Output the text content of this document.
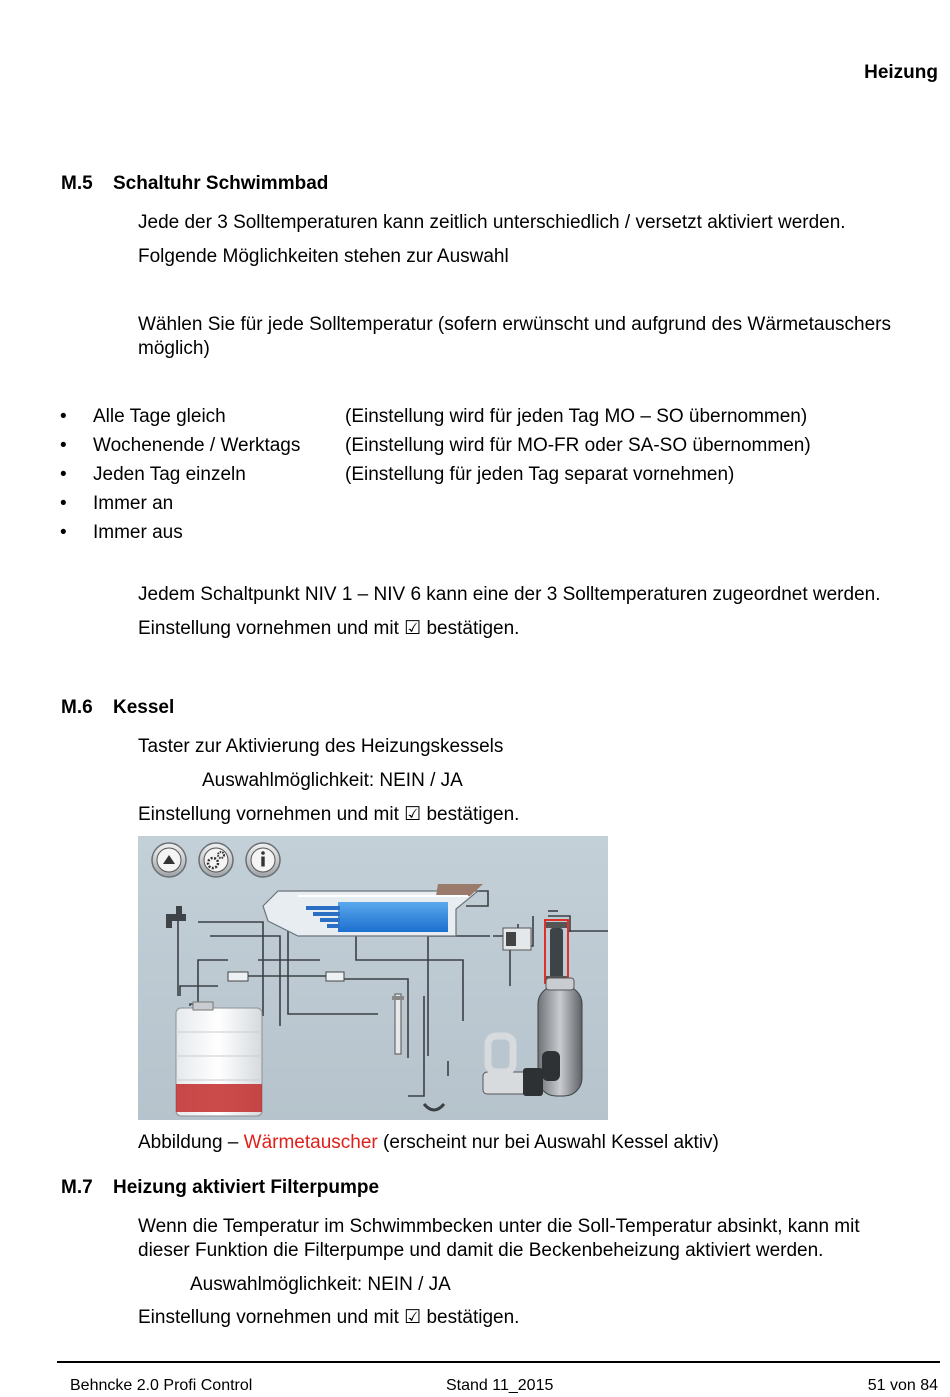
Heizung
M.5 Schaltuhr Schwimmbad
Jede der 3 Solltemperaturen kann zeitlich unterschiedlich / versetzt aktiviert werden.
Folgende Möglichkeiten stehen zur Auswahl
Wählen Sie für jede Solltemperatur (sofern erwünscht und aufgrund des Wärmetauschers
möglich)
• Alle Tage gleich	(Einstellung wird für jeden Tag MO – SO übernommen)
• Wochenende / Werktags (Einstellung wird für MO-FR oder SA-SO übernommen)
• Jeden Tag einzeln	(Einstellung für jeden Tag separat vornehmen)
• Immer an
• Immer aus
Jedem Schaltpunkt NIV 1 – NIV 6 kann eine der 3 Solltemperaturen zugeordnet werden.
Einstellung vornehmen und mit ☑ bestätigen.
M.6 Kessel
Taster zur Aktivierung des Heizungskessels
Auswahlmöglichkeit: NEIN / JA
Einstellung vornehmen und mit ☑ bestätigen.
Abbildung – Wärmetauscher (erscheint nur bei Auswahl Kessel aktiv)
M.7 Heizung aktiviert Filterpumpe
Wenn die Temperatur im Schwimmbecken unter die Soll-Temperatur absinkt, kann mit
dieser Funktion die Filterpumpe und damit die Beckenbeheizung aktiviert werden.
Auswahlmöglichkeit: NEIN / JA
Einstellung vornehmen und mit ☑ bestätigen.
Behncke 2.0 Profi Control	Stand 11_2015	51 von 84
